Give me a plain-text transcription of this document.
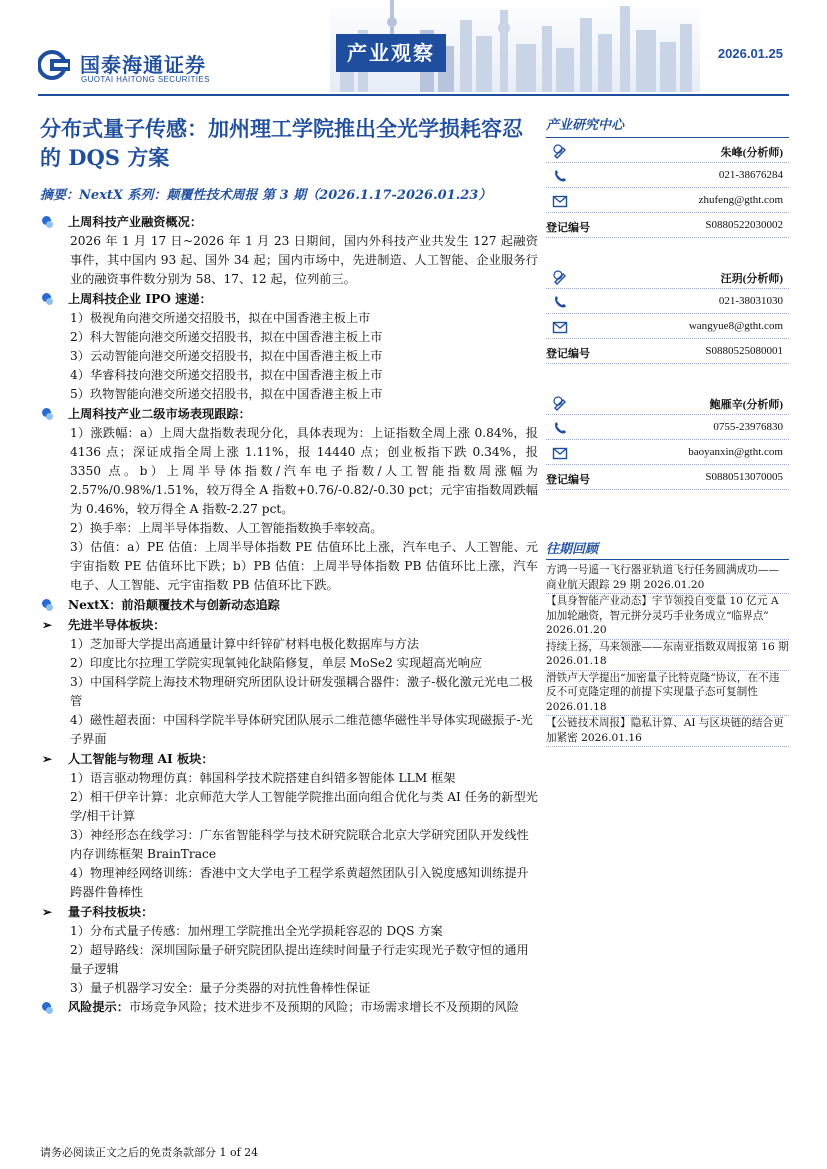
国泰海通证券
GUOTAI HAITONG SECURITIES
产业观察	2026.01.25
分布式量子传感：加州理工学院推出全光学损耗容忍的 DQS 方案
摘要：NextX 系列：颠覆性技术周报 第 3 期（2026.1.17-2026.01.23）
上周科技产业融资概况：
2026 年 1 月 17 日~2026 年 1 月 23 日期间，国内外科技产业共发生 127 起融资事件，其中国内 93 起、国外 34 起；国内市场中，先进制造、人工智能、企业服务行业的融资事件数分别为 58、17、12 起，位列前三。
上周科技企业 IPO 速递：
1）极视角向港交所递交招股书，拟在中国香港主板上市
2）科大智能向港交所递交招股书，拟在中国香港主板上市
3）云动智能向港交所递交招股书，拟在中国香港主板上市
4）华睿科技向港交所递交招股书，拟在中国香港主板上市
5）玖物智能向港交所递交招股书，拟在中国香港主板上市
上周科技产业二级市场表现跟踪：
1）涨跌幅：a）上周大盘指数表现分化，具体表现为：上证指数全周上涨 0.84%，报 4136 点；深证成指全周上涨 1.11%，报 14440 点；创业板指下跌 0.34%，报 3350 点。b）上周半导体指数/汽车电子指数/人工智能指数周涨幅为 2.57%/0.98%/1.51%，较万得全 A 指数+0.76/-0.82/-0.30 pct；元宇宙指数周跌幅为 0.46%，较万得全 A 指数-2.27 pct。
2）换手率：上周半导体指数、人工智能指数换手率较高。
3）估值：a）PE 估值：上周半导体指数 PE 估值环比上涨，汽车电子、人工智能、元宇宙指数 PE 估值环比下跌；b）PB 估值：上周半导体指数 PB 估值环比上涨，汽车电子、人工智能、元宇宙指数 PB 估值环比下跌。
NextX：前沿颠覆技术与创新动态追踪
➢ 先进半导体板块：
1）芝加哥大学提出高通量计算中纤锌矿材料电极化数据库与方法
2）印度比尔拉理工学院实现氧钝化缺陷修复，单层 MoSe2 实现超高光响应
3）中国科学院上海技术物理研究所团队设计研发强耦合器件：激子-极化激元光电二极管
4）磁性超表面：中国科学院半导体研究团队展示二维范德华磁性半导体实现磁振子-光子界面
➢ 人工智能与物理 AI 板块：
1）语言驱动物理仿真：韩国科学技术院搭建自纠错多智能体 LLM 框架
2）相干伊辛计算：北京师范大学人工智能学院推出面向组合优化与类 AI 任务的新型光学/相干计算
3）神经形态在线学习：广东省智能科学与技术研究院联合北京大学研究团队开发线性内存训练框架 BrainTrace
4）物理神经网络训练：香港中文大学电子工程学系黄超然团队引入锐度感知训练提升跨器件鲁棒性
➢ 量子科技板块：
1）分布式量子传感：加州理工学院推出全光学损耗容忍的 DQS 方案
2）超导路线：深圳国际量子研究院团队提出连续时间量子行走实现光子数守恒的通用量子逻辑
3）量子机器学习安全：量子分类器的对抗性鲁棒性保证
风险提示：市场竞争风险；技术进步不及预期的风险；市场需求增长不及预期的风险
产业研究中心
朱峰(分析师)
021-38676284
zhufeng@gtht.com
登记编号	S0880522030002
汪玥(分析师)
021-38031030
wangyue8@gtht.com
登记编号	S0880525080001
鲍雁辛(分析师)
0755-23976830
baoyanxin@gtht.com
登记编号	S0880513070005
往期回顾
方鸿一号遥一飞行器亚轨道飞行任务圆满成功——商业航天跟踪 29 期 2026.01.20
【具身智能产业动态】宇节领投自变量 10 亿元 A 加加轮融资，智元拼分灵巧手业务成立“临界点” 2026.01.20
持续上扬，马来领涨——东南亚指数双周报第 16 期 2026.01.18
滑铁卢大学提出“加密量子比特克隆”协议，在不违反不可克隆定理的前提下实现量子态可复制性 2026.01.18
【公链技术周报】隐私计算、AI 与区块链的结合更加紧密 2026.01.16
请务必阅读正文之后的免责条款部分 1 of 24
